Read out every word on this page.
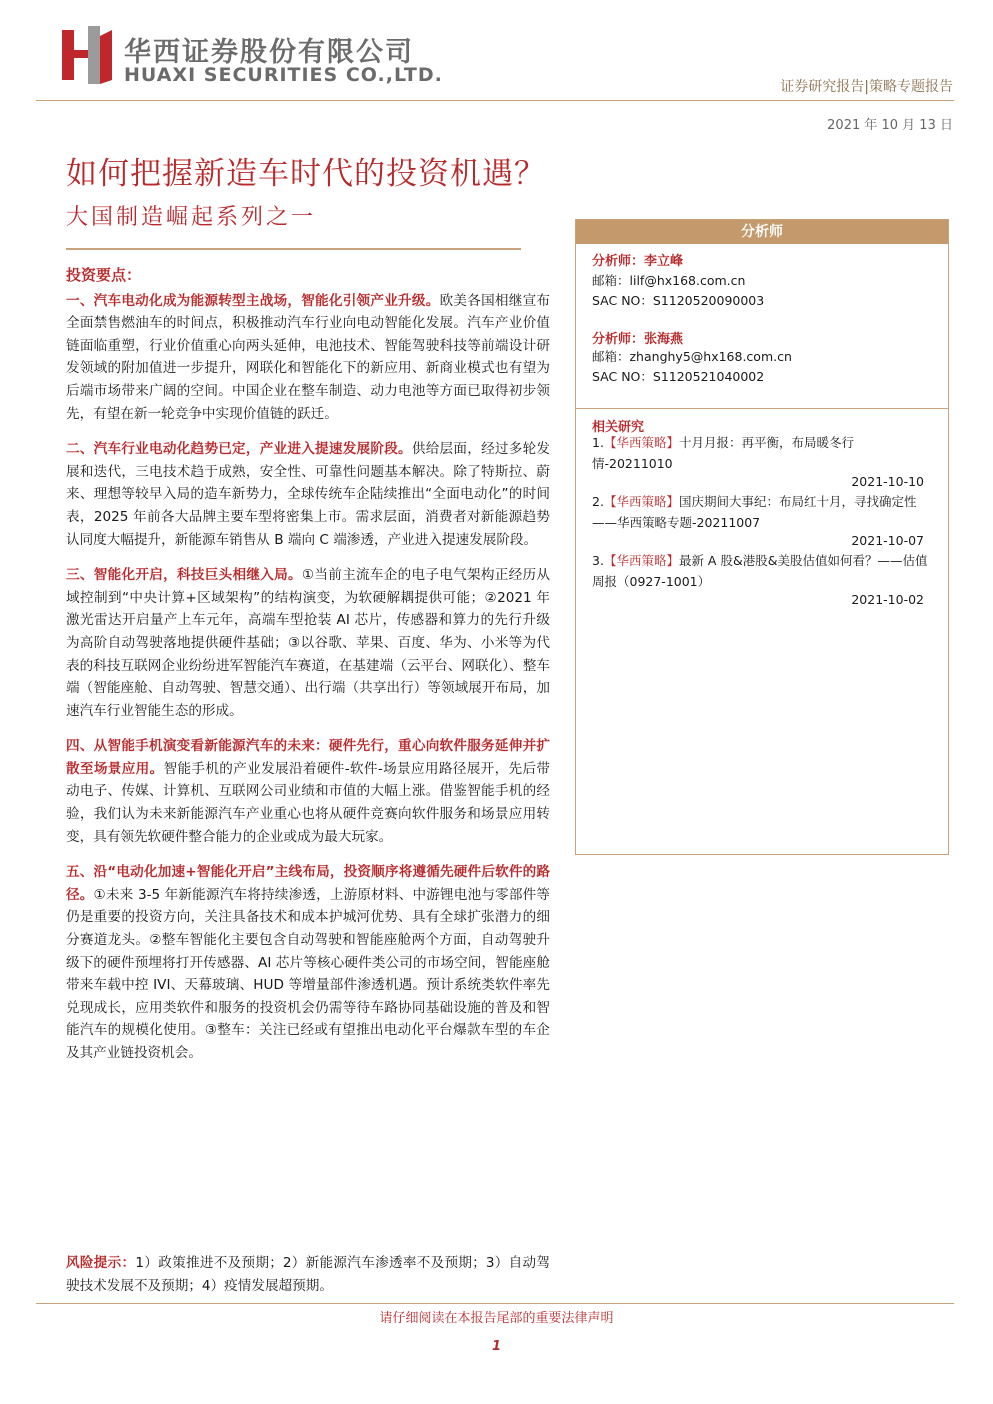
华西证券股份有限公司
HUAXI SECURITIES CO.,LTD.
证券研究报告|策略专题报告
2021 年 10 月 13 日
如何把握新造车时代的投资机遇？
大国制造崛起系列之一
投资要点：

一、汽车电动化成为能源转型主战场，智能化引领产业升级。欧美各国相继宣布全面禁售燃油车的时间点，积极推动汽车行业向电动智能化发展。汽车产业价值链面临重塑，行业价值重心向两头延伸，电池技术、智能驾驶科技等前端设计研发领域的附加值进一步提升，网联化和智能化下的新应用、新商业模式也有望为后端市场带来广阔的空间。中国企业在整车制造、动力电池等方面已取得初步领先，有望在新一轮竞争中实现价值链的跃迁。

二、汽车行业电动化趋势已定，产业进入提速发展阶段。供给层面，经过多轮发展和迭代，三电技术趋于成熟，安全性、可靠性问题基本解决。除了特斯拉、蔚来、理想等较早入局的造车新势力，全球传统车企陆续推出“全面电动化”的时间表，2025 年前各大品牌主要车型将密集上市。需求层面，消费者对新能源趋势认同度大幅提升，新能源车销售从 B 端向 C 端渗透，产业进入提速发展阶段。

三、智能化开启，科技巨头相继入局。①当前主流车企的电子电气架构正经历从域控制到“中央计算+区域架构”的结构演变，为软硬解耦提供可能；②2021 年激光雷达开启量产上车元年，高端车型抢装 AI 芯片，传感器和算力的先行升级为高阶自动驾驶落地提供硬件基础；③以谷歌、苹果、百度、华为、小米等为代表的科技互联网企业纷纷进军智能汽车赛道，在基建端（云平台、网联化）、整车端（智能座舱、自动驾驶、智慧交通）、出行端（共享出行）等领域展开布局，加速汽车行业智能生态的形成。

四、从智能手机演变看新能源汽车的未来：硬件先行，重心向软件服务延伸并扩散至场景应用。智能手机的产业发展沿着硬件-软件-场景应用路径展开，先后带动电子、传媒、计算机、互联网公司业绩和市值的大幅上涨。借鉴智能手机的经验，我们认为未来新能源汽车产业重心也将从硬件竞赛向软件服务和场景应用转变，具有领先软硬件整合能力的企业或成为最大玩家。

五、沿“电动化加速+智能化开启”主线布局，投资顺序将遵循先硬件后软件的路径。①未来 3-5 年新能源汽车将持续渗透，上游原材料、中游锂电池与零部件等仍是重要的投资方向，关注具备技术和成本护城河优势、具有全球扩张潜力的细分赛道龙头。②整车智能化主要包含自动驾驶和智能座舱两个方面，自动驾驶升级下的硬件预埋将打开传感器、AI 芯片等核心硬件类公司的市场空间，智能座舱带来车载中控 IVI、天幕玻璃、HUD 等增量部件渗透机遇。预计系统类软件率先兑现成长，应用类软件和服务的投资机会仍需等待车路协同基础设施的普及和智能汽车的规模化使用。③整车：关注已经或有望推出电动化平台爆款车型的车企及其产业链投资机会。

风险提示：1）政策推进不及预期；2）新能源汽车渗透率不及预期；3）自动驾驶技术发展不及预期；4）疫情发展超预期。
分析师
分析师：李立峰
邮箱：lilf@hx168.com.cn
SAC NO：S1120520090003
分析师：张海燕
邮箱：zhanghy5@hx168.com.cn
SAC NO：S1120521040002
相关研究
1.【华西策略】十月月报：再平衡，布局暖冬行情-20211010
2021-10-10
2.【华西策略】国庆期间大事纪：布局红十月，寻找确定性——华西策略专题-20211007
2021-10-07
3.【华西策略】最新 A 股&港股&美股估值如何看？——估值周报（0927-1001）
2021-10-02
请仔细阅读在本报告尾部的重要法律声明
1
